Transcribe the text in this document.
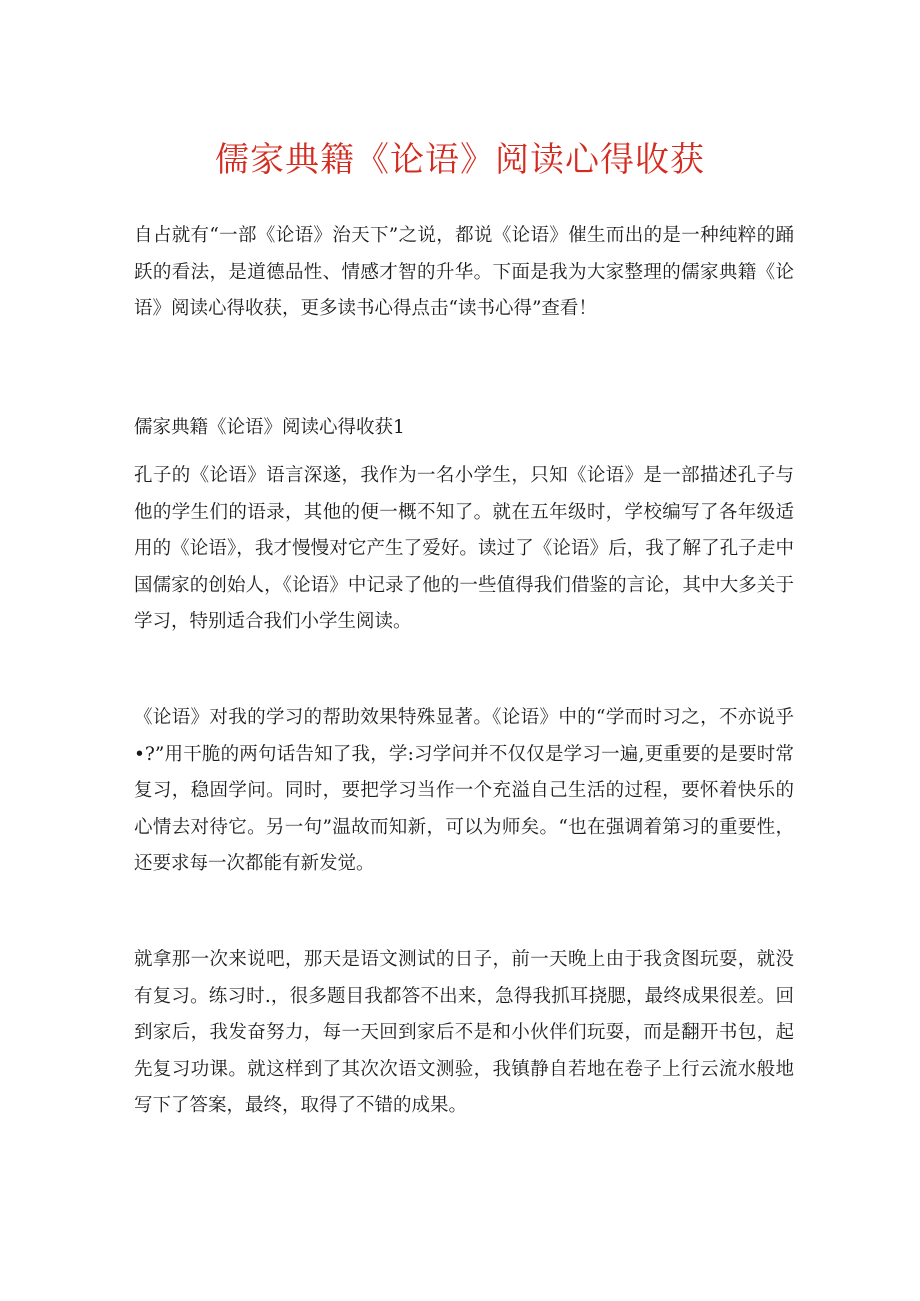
儒家典籍《论语》阅读心得收获

自占就有“一部《论语》治天下”之说，都说《论语》催生而出的是一种纯粹的踊跃的看法，是道德品性、情感才智的升华。下面是我为大家整理的儒家典籍《论语》阅读心得收获，更多读书心得点击“读书心得”查看！

儒家典籍《论语》阅读心得收获1

孔子的《论语》语言深遂，我作为一名小学生，只知《论语》是一部描述孔子与他的学生们的语录，其他的便一概不知了。就在五年级时，学校编写了各年级适用的《论语》，我才慢慢对它产生了爱好。读过了《论语》后，我了解了孔子走中国儒家的创始人，《论语》中记录了他的一些值得我们借鉴的言论，其中大多关于学习，特别适合我们小学生阅读。

《论语》对我的学习的帮助效果特殊显著。《论语》中的“学而时习之，不亦说乎•?”用干脆的两句话告知了我，学:习学问并不仅仅是学习一遍,更重要的是要时常复习，稳固学问。同时，要把学习当作一个充溢自己生活的过程，要怀着快乐的心情去对待它。另一句”温故而知新，可以为师矣。“也在强调着第习的重要性，还要求每一次都能有新发觉。

就拿那一次来说吧，那天是语文测试的日子，前一天晚上由于我贪图玩耍，就没有复习。练习时.，很多题目我都答不出来，急得我抓耳挠腮，最终成果很差。回到家后，我发奋努力，每一天回到家后不是和小伙伴们玩耍，而是翻开书包，起先复习功课。就这样到了其次次语文测验，我镇静自若地在卷子上行云流水般地写下了答案，最终，取得了不错的成果。
